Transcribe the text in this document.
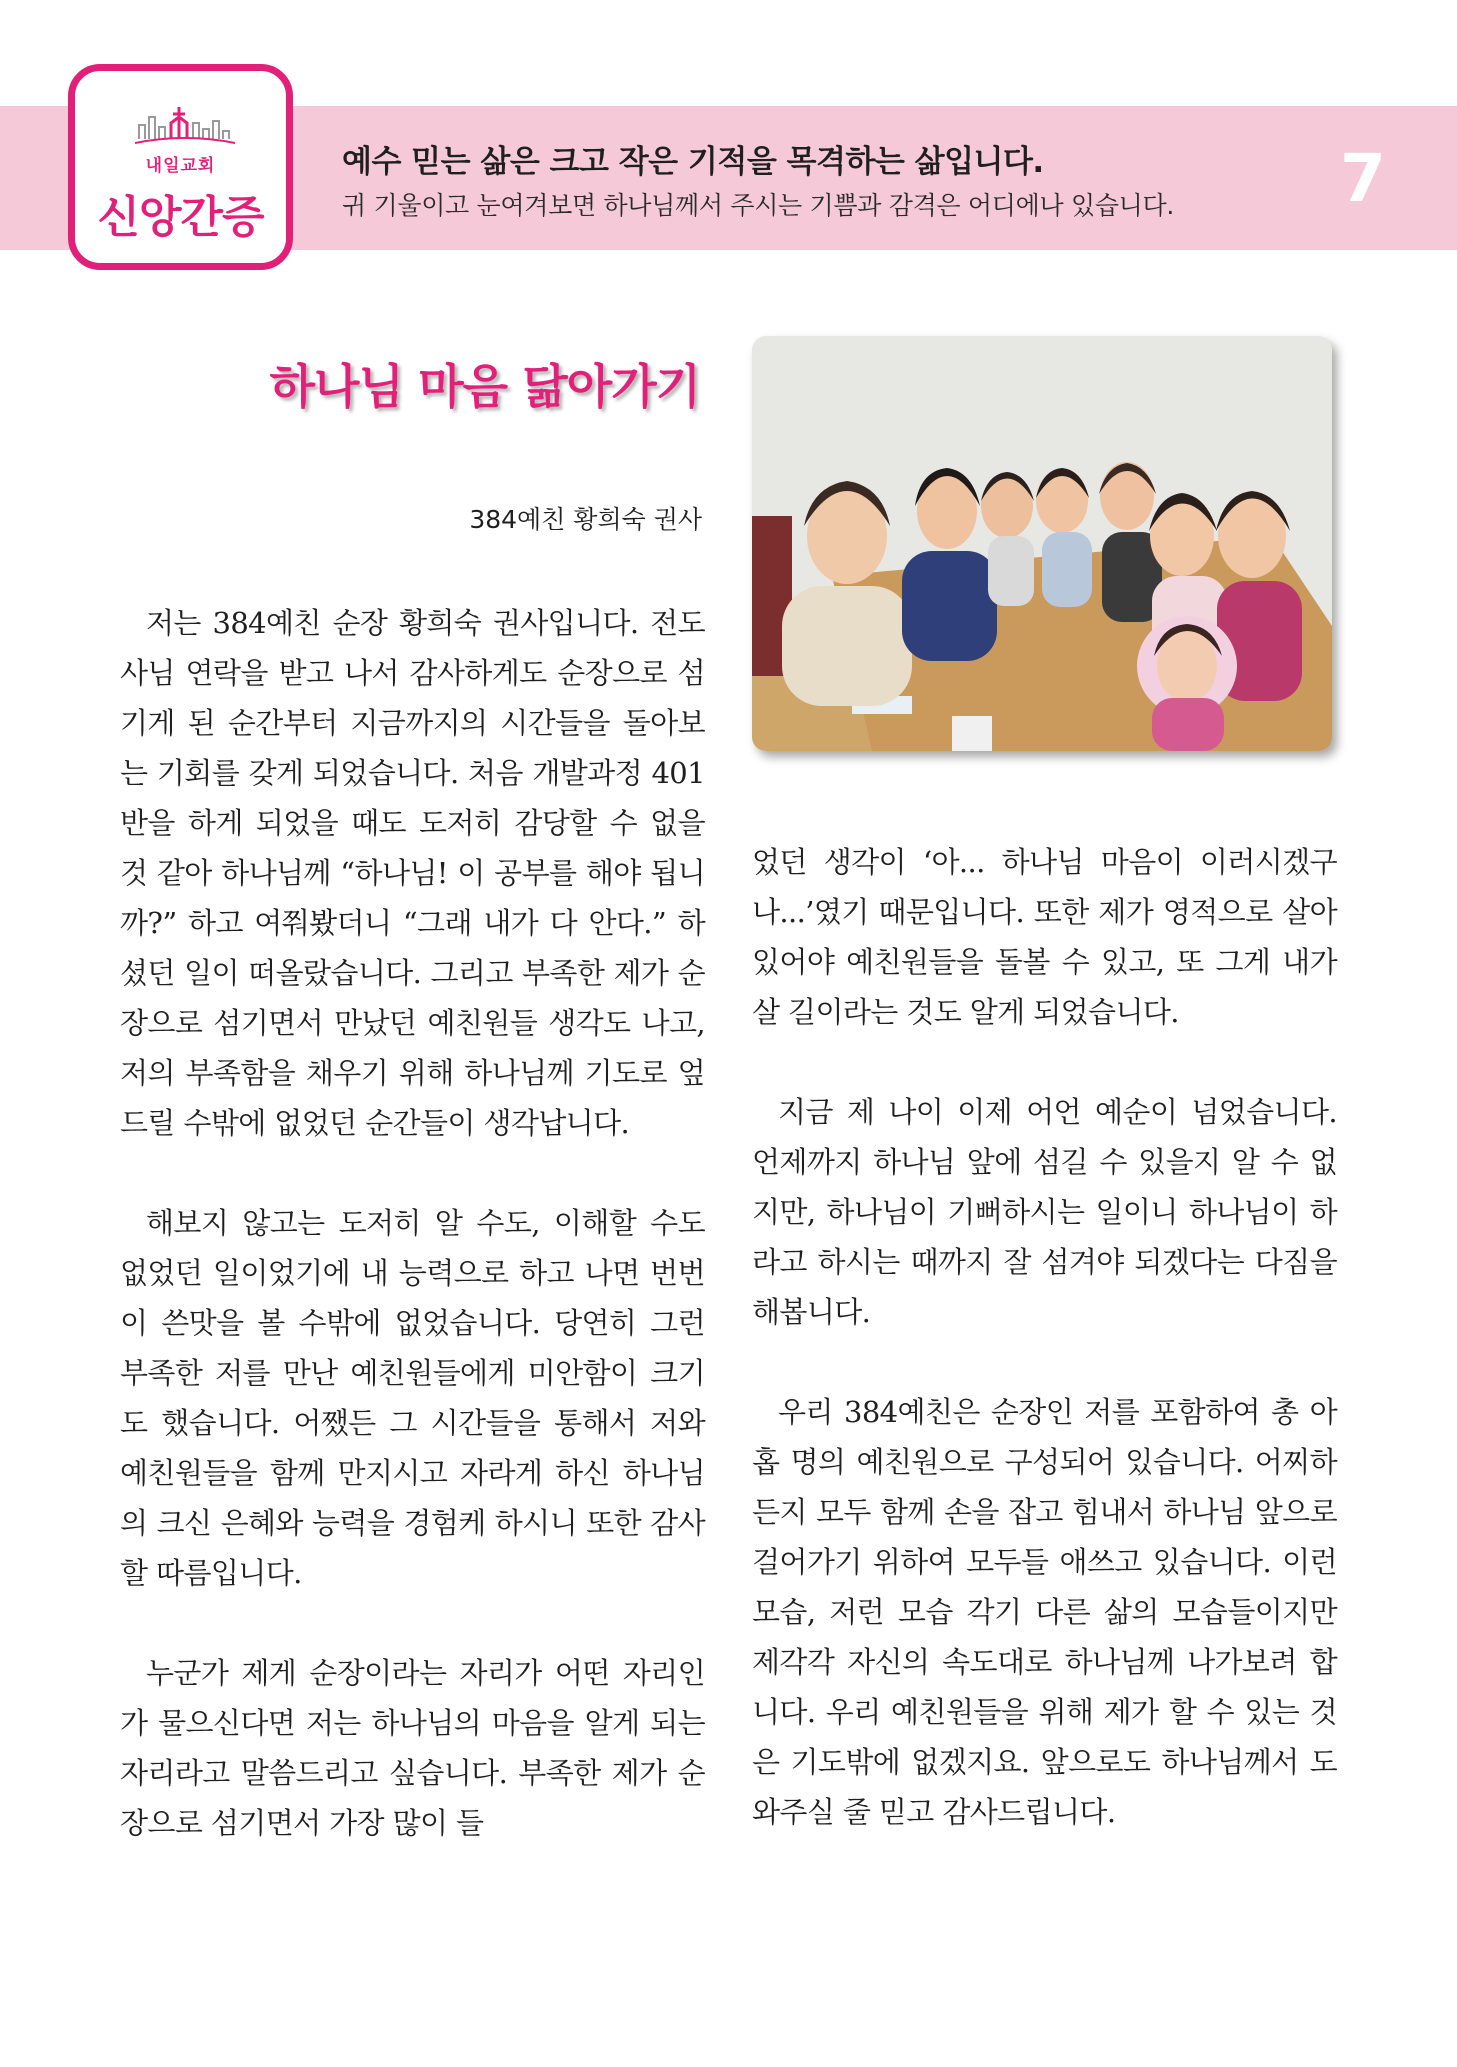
내일교회
신앙간증
예수 믿는 삶은 크고 작은 기적을 목격하는 삶입니다.
귀 기울이고 눈여겨보면 하나님께서 주시는 기쁨과 감격은 어디에나 있습니다.	7
하나님 마음 닮아가기
384예친 황희숙 권사

저는 384예친 순장 황희숙 권사입니다. 전도사님 연락을 받고 나서 감사하게도 순장으로 섬기게 된 순간부터 지금까지의 시간들을 돌아보는 기회를 갖게 되었습니다. 처음 개발과정 401반을 하게 되었을 때도 도저히 감당할 수 없을 것 같아 하나님께 “하나님! 이 공부를 해야 됩니까?” 하고 여쭤봤더니 “그래 내가 다 안다.” 하셨던 일이 떠올랐습니다. 그리고 부족한 제가 순장으로 섬기면서 만났던 예친원들 생각도 나고, 저의 부족함을 채우기 위해 하나님께 기도로 엎드릴 수밖에 없었던 순간들이 생각납니다.

해보지 않고는 도저히 알 수도, 이해할 수도 없었던 일이었기에 내 능력으로 하고 나면 번번이 쓴맛을 볼 수밖에 없었습니다. 당연히 그런 부족한 저를 만난 예친원들에게 미안함이 크기도 했습니다. 어쨌든 그 시간들을 통해서 저와 예친원들을 함께 만지시고 자라게 하신 하나님의 크신 은혜와 능력을 경험케 하시니 또한 감사할 따름입니다.

누군가 제게 순장이라는 자리가 어떤 자리인가 물으신다면 저는 하나님의 마음을 알게 되는 자리라고 말씀드리고 싶습니다. 부족한 제가 순장으로 섬기면서 가장 많이 들

었던 생각이 ‘아... 하나님 마음이 이러시겠구나...’였기 때문입니다. 또한 제가 영적으로 살아있어야 예친원들을 돌볼 수 있고, 또 그게 내가 살 길이라는 것도 알게 되었습니다.

지금 제 나이 이제 어언 예순이 넘었습니다. 언제까지 하나님 앞에 섬길 수 있을지 알 수 없지만, 하나님이 기뻐하시는 일이니 하나님이 하라고 하시는 때까지 잘 섬겨야 되겠다는 다짐을 해봅니다.

우리 384예친은 순장인 저를 포함하여 총 아홉 명의 예친원으로 구성되어 있습니다. 어찌하든지 모두 함께 손을 잡고 힘내서 하나님 앞으로 걸어가기 위하여 모두들 애쓰고 있습니다. 이런 모습, 저런 모습 각기 다른 삶의 모습들이지만 제각각 자신의 속도대로 하나님께 나가보려 합니다. 우리 예친원들을 위해 제가 할 수 있는 것은 기도밖에 없겠지요. 앞으로도 하나님께서 도와주실 줄 믿고 감사드립니다.
